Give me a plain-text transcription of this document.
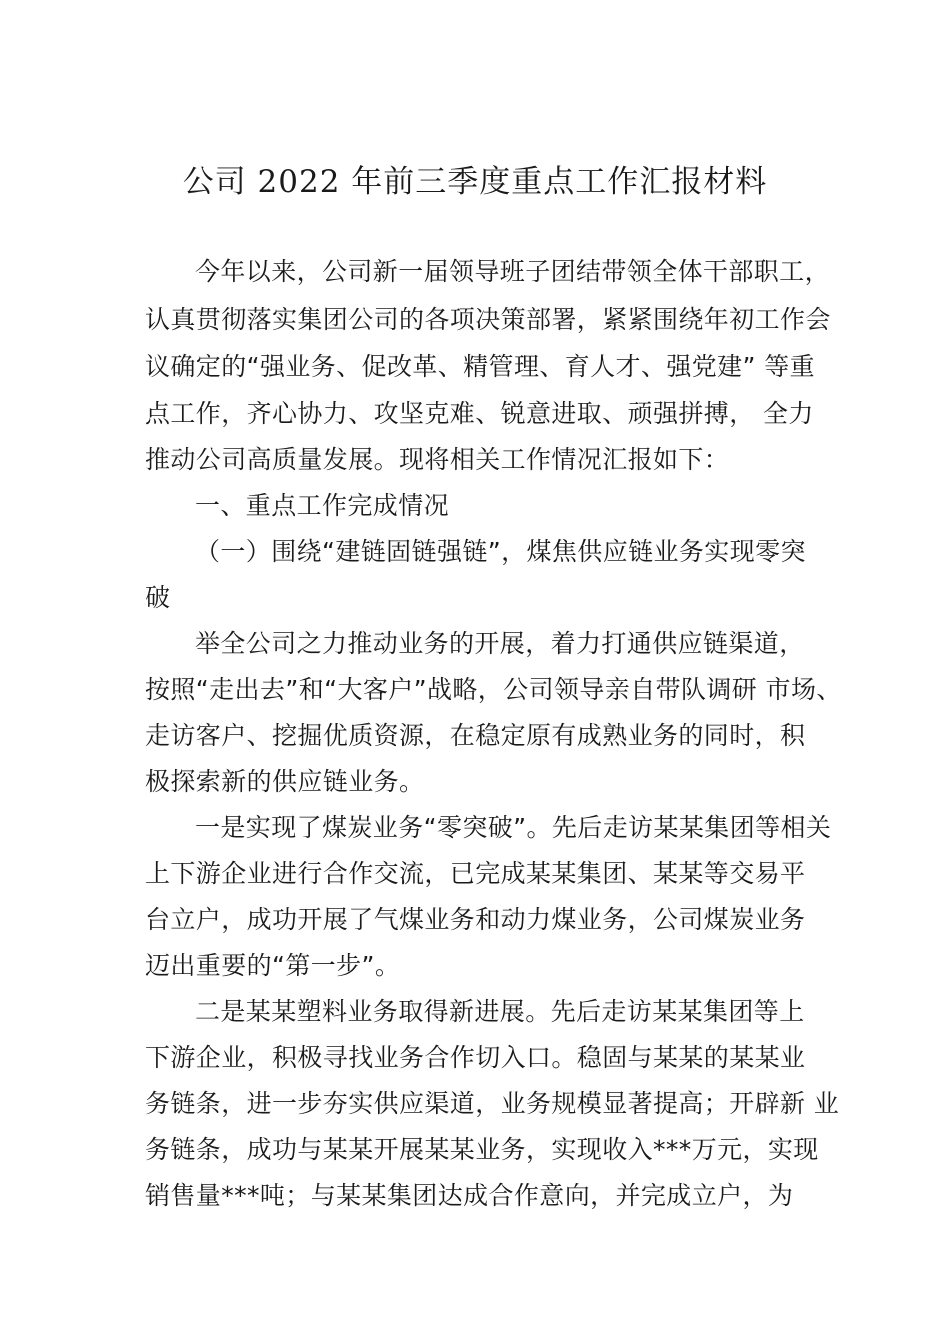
公司 2022 年前三季度重点工作汇报材料
今年以来，公司新一届领导班子团结带领全体干部职工，
认真贯彻落实集团公司的各项决策部署，紧紧围绕年初工作会
议确定的“强业务、促改革、精管理、育人才、强党建” 等重
点工作，齐心协力、攻坚克难、锐意进取、顽强拼搏， 全力
推动公司高质量发展。现将相关工作情况汇报如下：
一、重点工作完成情况
（一）围绕“建链固链强链”，煤焦供应链业务实现零突
破
举全公司之力推动业务的开展，着力打通供应链渠道，
按照“走出去”和“大客户”战略，公司领导亲自带队调研 市场、
走访客户、挖掘优质资源，在稳定原有成熟业务的同时，积
极探索新的供应链业务。
一是实现了煤炭业务“零突破”。先后走访某某集团等相关
上下游企业进行合作交流，已完成某某集团、某某等交易平
台立户，成功开展了气煤业务和动力煤业务，公司煤炭业务
迈出重要的“第一步”。
二是某某塑料业务取得新进展。先后走访某某集团等上
下游企业，积极寻找业务合作切入口。稳固与某某的某某业
务链条，进一步夯实供应渠道，业务规模显著提高；开辟新 业
务链条，成功与某某开展某某业务，实现收入***万元，实现
销售量***吨；与某某集团达成合作意向，并完成立户，为
